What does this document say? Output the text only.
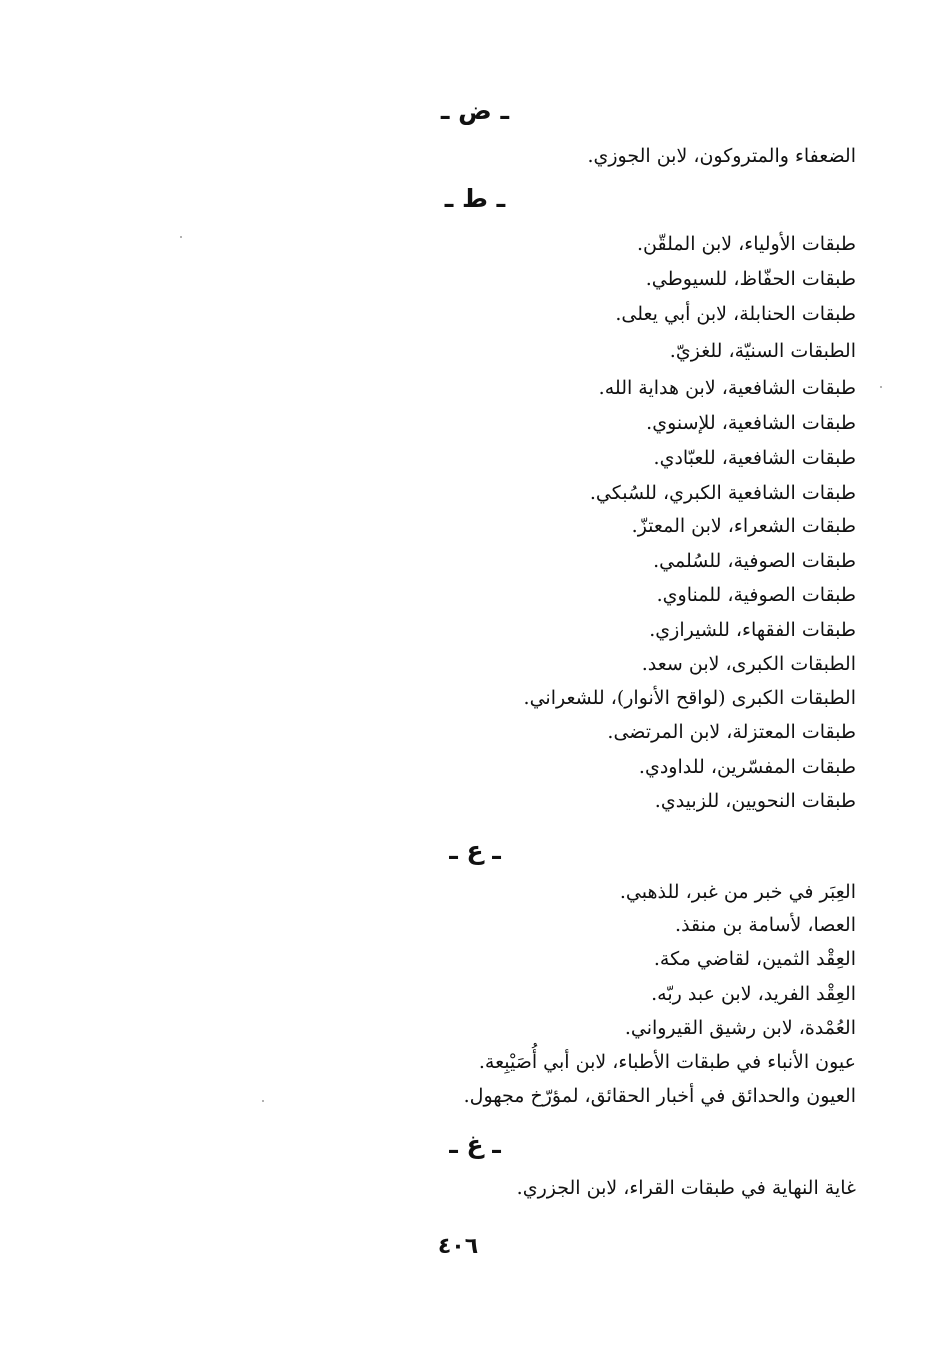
ـ ض ـ
الضعفاء والمتروكون، لابن الجوزي.
ـ ط ـ
طبقات الأولياء، لابن الملقّن.
طبقات الحفّاظ، للسيوطي.
طبقات الحنابلة، لابن أبي يعلى.
الطبقات السنيّة، للغزيّ.
طبقات الشافعية، لابن هداية الله.
طبقات الشافعية، للإسنوي.
طبقات الشافعية، للعبّادي.
طبقات الشافعية الكبري، للسُبكي.
طبقات الشعراء، لابن المعتزّ.
طبقات الصوفية، للسُلمي.
طبقات الصوفية، للمناوي.
طبقات الفقهاء، للشيرازي.
الطبقات الكبرى، لابن سعد.
الطبقات الكبرى (لواقح الأنوار)، للشعراني.
طبقات المعتزلة، لابن المرتضى.
طبقات المفسّرين، للداودي.
طبقات النحويين، للزبيدي.
ـ ع ـ
العِبَر في خبر من غبر، للذهبي.
العصا، لأسامة بن منقذ.
العِقْد الثمين، لقاضي مكة.
العِقْد الفريد، لابن عبد ربّه.
العُمْدة، لابن رشيق القيرواني.
عيون الأنباء في طبقات الأطباء، لابن أبي أُصَيْبِعة.
العيون والحدائق في أخبار الحقائق، لمؤرّخ مجهول.
ـ غ ـ
غاية النهاية في طبقات القراء، لابن الجزري.
٤٠٦
